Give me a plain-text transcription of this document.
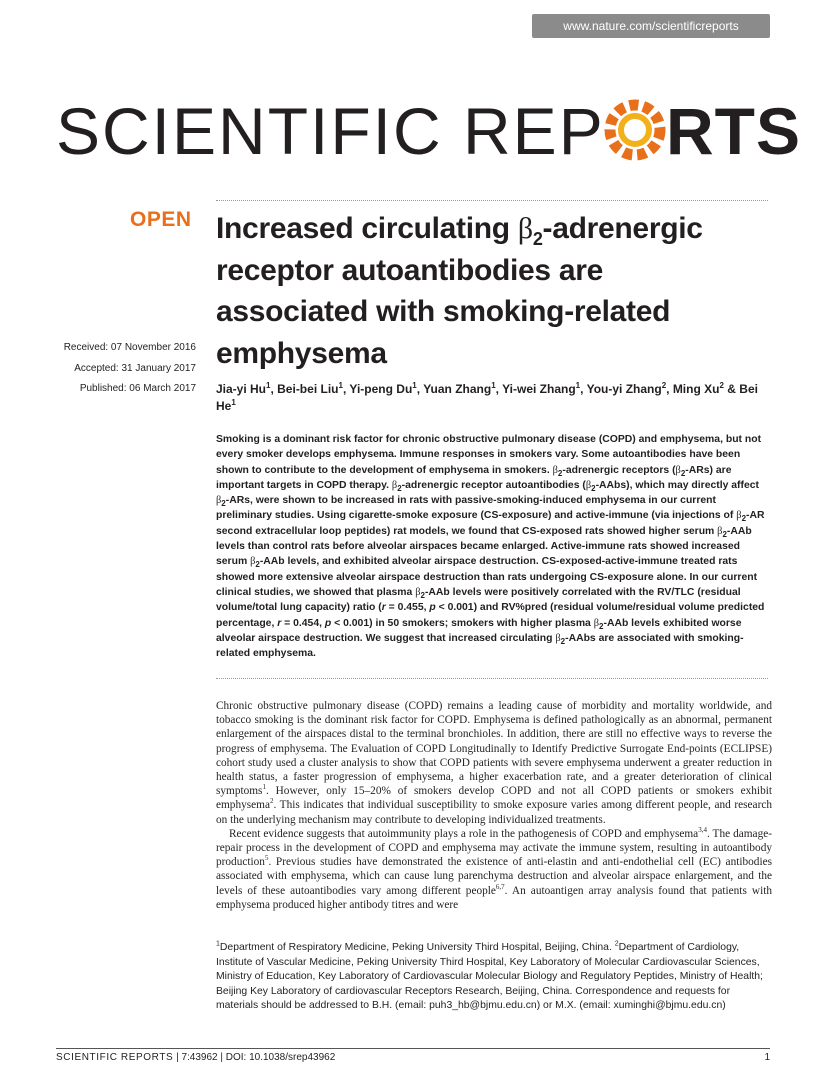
www.nature.com/scientificreports
SCIENTIFIC REP RTS
OPEN Increased circulating $\beta_2$-adrenergic
receptor autoantibodies are
associated with smoking-related
emphysema
Received: 07 November 2016
Accepted: 31 January 2017
Published: 06 March 2017 Jia-yi Hu$^1$, Bei-bei Liu$^1$, Yi-peng Du$^1$, Yuan Zhang$^1$, Yi-wei Zhang$^1$, You-yi Zhang$^2$, Ming Xu$^2$ & Bei He$^1$

Smoking is a dominant risk factor for chronic obstructive pulmonary disease (COPD) and emphysema, but not every smoker develops emphysema. Immune responses in smokers vary. Some autoantibodies have been shown to contribute to the development of emphysema in smokers. $\beta_2$-adrenergic receptors $(\beta_2-ARs)$ are important targets in COPD therapy. $\beta_2$-adrenergic receptor autoantibodies $(\beta_2-AAbs)$, which may directly affect $\beta_2$-ARs, were shown to be increased in rats with passive-smoking-induced emphysema in our current preliminary studies. Using cigarette-smoke exposure (CS-exposure) and active-immune (via injections of $\beta_2-AR$ second extracellular loop peptides) rat models, we found that CS-exposed rats showed higher serum $\beta_2$-AAb levels than control rats before alveolar airspaces became enlarged. Active-immune rats showed increased serum $\beta_2$-AAb levels, and exhibited alveolar airspace destruction. CS-exposed-active-immune treated rats showed more extensive alveolar airspace destruction than rats undergoing CS-exposure alone. In our current clinical studies, we showed that plasma $\beta_2$-AAb levels were positively correlated with the RV/TLC (residual volume/total lung capacity) ratio (r = 0.455, p < 0.001) and RV%pred (residual volume/residual volume predicted percentage, r = 0.454, p < 0.001) in 50 smokers; smokers with higher plasma $\beta_2$-AAb levels exhibited worse alveolar airspace destruction. We suggest that increased circulating $\beta_2$-AAbs are associated with smoking-related emphysema.

Chronic obstructive pulmonary disease (COPD) remains a leading cause of morbidity and mortality worldwide, and tobacco smoking is the dominant risk factor for COPD. Emphysema is defined pathologically as an abnormal, permanent enlargement of the airspaces distal to the terminal bronchioles. In addition, there are still no effective ways to reverse the progress of emphysema. The Evaluation of COPD Longitudinally to Identify Predictive Surrogate End-points (ECLIPSE) cohort study used a cluster analysis to show that COPD patients with severe emphysema underwent a greater reduction in health status, a faster progression of emphysema, a higher exacerbation rate, and a greater deterioration of clinical symptoms$^1$. However, only 15–20% of smokers develop COPD and not all COPD patients or smokers exhibit emphysema$^2$. This indicates that individual susceptibility to smoke exposure varies among different people, and research on the underlying mechanism may contribute to developing individualized treatments.

Recent evidence suggests that autoimmunity plays a role in the pathogenesis of COPD and emphysema$^{3,4}$. The damage-repair process in the development of COPD and emphysema may activate the immune system, resulting in autoantibody production$^5$. Previous studies have demonstrated the existence of anti-elastin and anti-endothelial cell (EC) antibodies associated with emphysema, which can cause lung parenchyma destruction and alveolar airspace enlargement, and the levels of these autoantibodies vary among different people$^{6,7}$. An autoantigen array analysis found that patients with emphysema produced higher antibody titres and were

$^1$Department of Respiratory Medicine, Peking University Third Hospital, Beijing, China. $^2$Department of Cardiology, Institute of Vascular Medicine, Peking University Third Hospital, Key Laboratory of Molecular Cardiovascular Sciences, Ministry of Education, Key Laboratory of Cardiovascular Molecular Biology and Regulatory Peptides, Ministry of Health; Beijing Key Laboratory of cardiovascular Receptors Research, Beijing, China. Correspondence and requests for materials should be addressed to B.H. (email: puh3_hb@bjmu.edu.cn) or M.X. (email: xuminghi@bjmu.edu.cn)

SCIENTIFIC REPORTS | 7:43962 | DOI: 10.1038/srep43962	1
